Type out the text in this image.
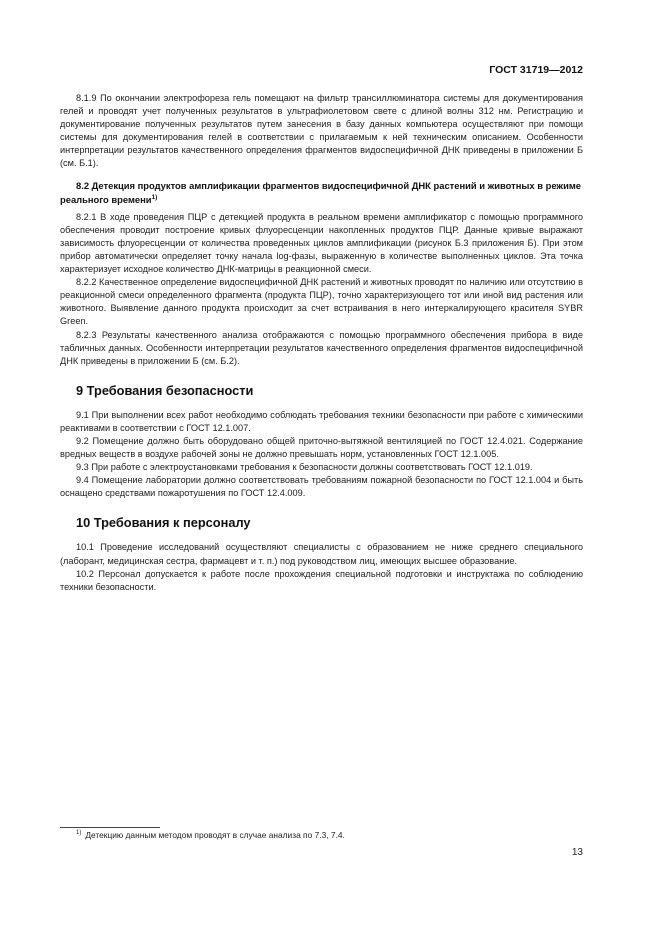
ГОСТ 31719—2012

8.1.9 По окончании электрофореза гель помещают на фильтр трансиллюминатора системы для документирования гелей и проводят учет полученных результатов в ультрафиолетовом свете с длиной волны 312 нм. Регистрацию и документирование полученных результатов путем занесения в базу данных компьютера осуществляют при помощи системы для документирования гелей в соответствии с прилагаемым к ней техническим описанием. Особенности интерпретации результатов качественного определения фрагментов видоспецифичной ДНК приведены в приложении Б (см. Б.1).

8.2 Детекция продуктов амплификации фрагментов видоспецифичной ДНК растений и животных в режиме реального времени$^{1)}$

8.2.1 В ходе проведения ПЦР с детекцией продукта в реальном времени амплификатор с помощью программного обеспечения проводит построение кривых флуоресценции накопленных продуктов ПЦР. Данные кривые выражают зависимость флуоресценции от количества проведенных циклов амплификации (рисунок Б.3 приложения Б). При этом прибор автоматически определяет точку начала log-фазы, выраженную в количестве выполненных циклов. Эта точка характеризует исходное количество ДНК-матрицы в реакционной смеси.

8.2.2 Качественное определение видоспецифичной ДНК растений и животных проводят по наличию или отсутствию в реакционной смеси определенного фрагмента (продукта ПЦР), точно характеризующего тот или иной вид растения или животного. Выявление данного продукта происходит за счет встраивания в него интеркалирующего красителя SYBR Green.

8.2.3 Результаты качественного анализа отображаются с помощью программного обеспечения прибора в виде табличных данных. Особенности интерпретации результатов качественного определения фрагментов видоспецифичной ДНК приведены в приложении Б (см. Б.2).

9 Требования безопасности

9.1 При выполнении всех работ необходимо соблюдать требования техники безопасности при работе с химическими реактивами в соответствии с ГОСТ 12.1.007.

9.2 Помещение должно быть оборудовано общей приточно-вытяжной вентиляцией по ГОСТ 12.4.021. Содержание вредных веществ в воздухе рабочей зоны не должно превышать норм, установленных ГОСТ 12.1.005.

9.3 При работе с электроустановками требования к безопасности должны соответствовать ГОСТ 12.1.019.

9.4 Помещение лаборатории должно соответствовать требованиям пожарной безопасности по ГОСТ 12.1.004 и быть оснащено средствами пожаротушения по ГОСТ 12.4.009.

10 Требования к персоналу

10.1 Проведение исследований осуществляют специалисты с образованием не ниже среднего специального (лаборант, медицинская сестра, фармацевт и т. п.) под руководством лиц, имеющих высшее образование.

10.2 Персонал допускается к работе после прохождения специальной подготовки и инструктажа по соблюдению техники безопасности.

$^{1)}$ Детекцию данным методом проводят в случае анализа по 7.3, 7.4.
13
